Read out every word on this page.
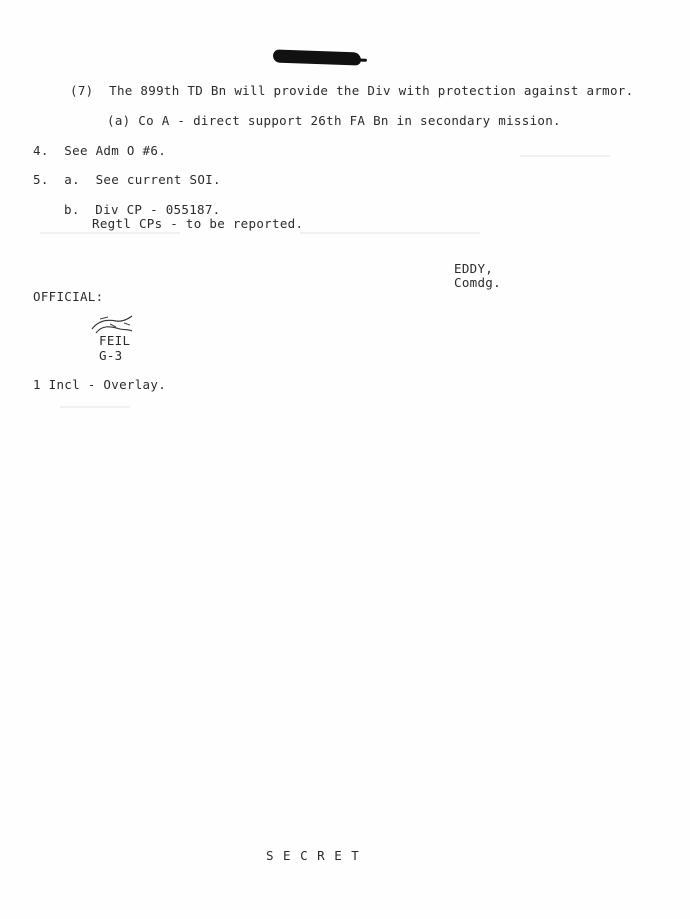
(7)  The 899th TD Bn will provide the Div with protection against armor.
(a) Co A - direct support 26th FA Bn in secondary mission.
4.  See Adm O #6.
5.  a.  See current SOI.
b.  Div CP - 055187.
Regtl CPs - to be reported.
EDDY,
Comdg.
OFFICIAL:
FEIL
G-3
1 Incl - Overlay.
S E C R E T
